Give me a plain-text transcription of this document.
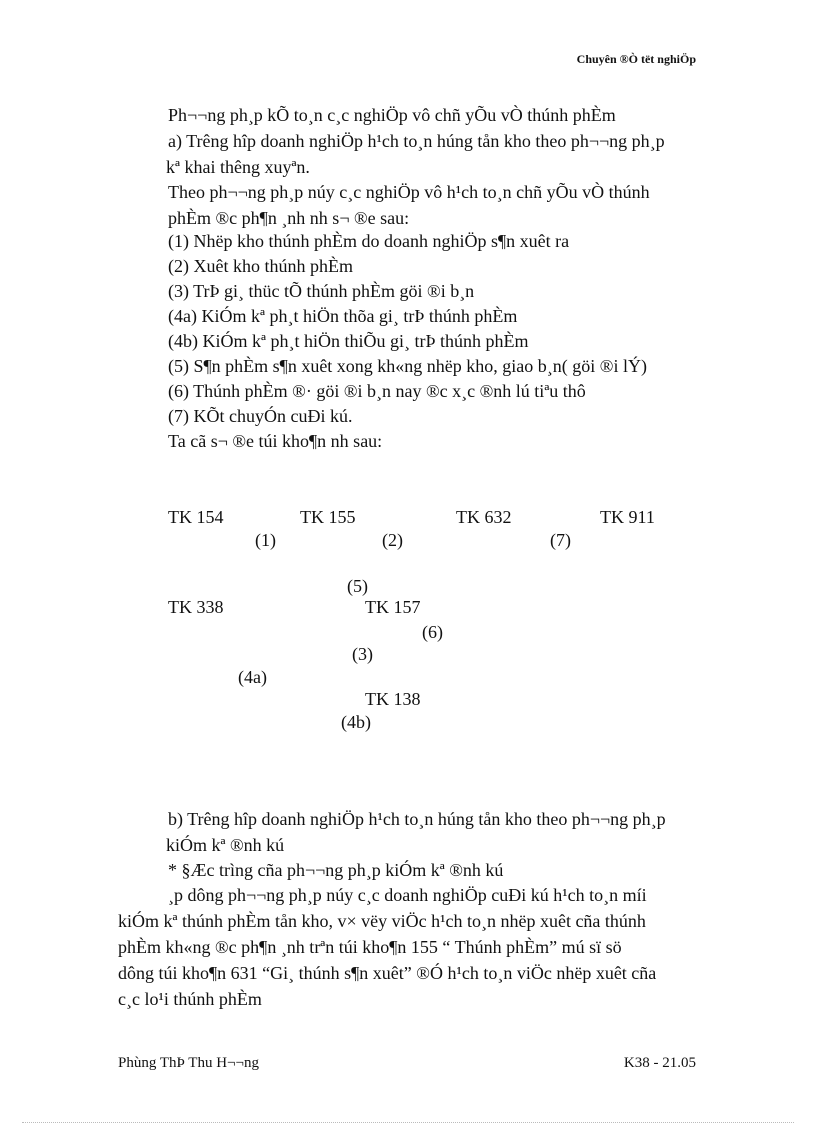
Chuyên ®Ò tët nghiÖp
Ph¬¬ng ph¸p kÕ to¸n c¸c nghiÖp vô chñ yÕu vÒ thúnh phÈm
a) Trêng hîp doanh nghiÖp h¹ch to¸n húng tån kho theo ph¬¬ng ph¸p
kª khai thêng xuyªn.
Theo ph¬¬ng ph¸p núy c¸c nghiÖp vô h¹ch to¸n chñ yÕu vÒ thúnh
phÈm ®c ph¶n ¸nh nh s¬ ®e sau:
(1) Nhëp kho thúnh phÈm do doanh nghiÖp s¶n xuêt ra
(2) Xuêt kho thúnh phÈm
(3) TrÞ gi¸ thüc tÕ thúnh phÈm göi ®i b¸n
(4a) KiÓm kª ph¸t hiÖn thõa gi¸ trÞ thúnh phÈm
(4b) KiÓm kª ph¸t hiÖn thiÕu gi¸ trÞ thúnh phÈm
(5) S¶n phÈm s¶n xuêt xong kh«ng nhëp kho, giao b¸n( göi ®i lÝ)
(6) Thúnh phÈm ®· göi ®i b¸n nay ®c x¸c ®nh lú tiªu thô
(7) KÕt chuyÓn cuÐi kú.
Ta cã s¬ ®e túi kho¶n nh sau:
TK 154	TK 155	TK 632	TK 911
(1)	(2)	(7)
(5)
TK 338	TK 157
(6)
(3)
(4a)
TK 138
(4b)
b) Trêng hîp doanh nghiÖp h¹ch to¸n húng tån kho theo ph¬¬ng ph¸p
kiÓm kª ®nh kú
* §Æc trìng cña ph¬¬ng ph¸p kiÓm kª ®nh kú
¸p dông ph¬¬ng ph¸p núy c¸c doanh nghiÖp cuÐi kú h¹ch to¸n míi
kiÓm kª thúnh phÈm tån kho, v× vëy viÖc h¹ch to¸n nhëp xuêt cña thúnh
phÈm kh«ng ®c ph¶n ¸nh trªn túi kho¶n 155 “ Thúnh phÈm” mú sï sö
dông túi kho¶n 631 “Gi¸ thúnh s¶n xuêt” ®Ó h¹ch to¸n viÖc nhëp xuêt cña
c¸c lo¹i thúnh phÈm
Phùng ThÞ Thu H¬¬ng	K38 - 21.05
